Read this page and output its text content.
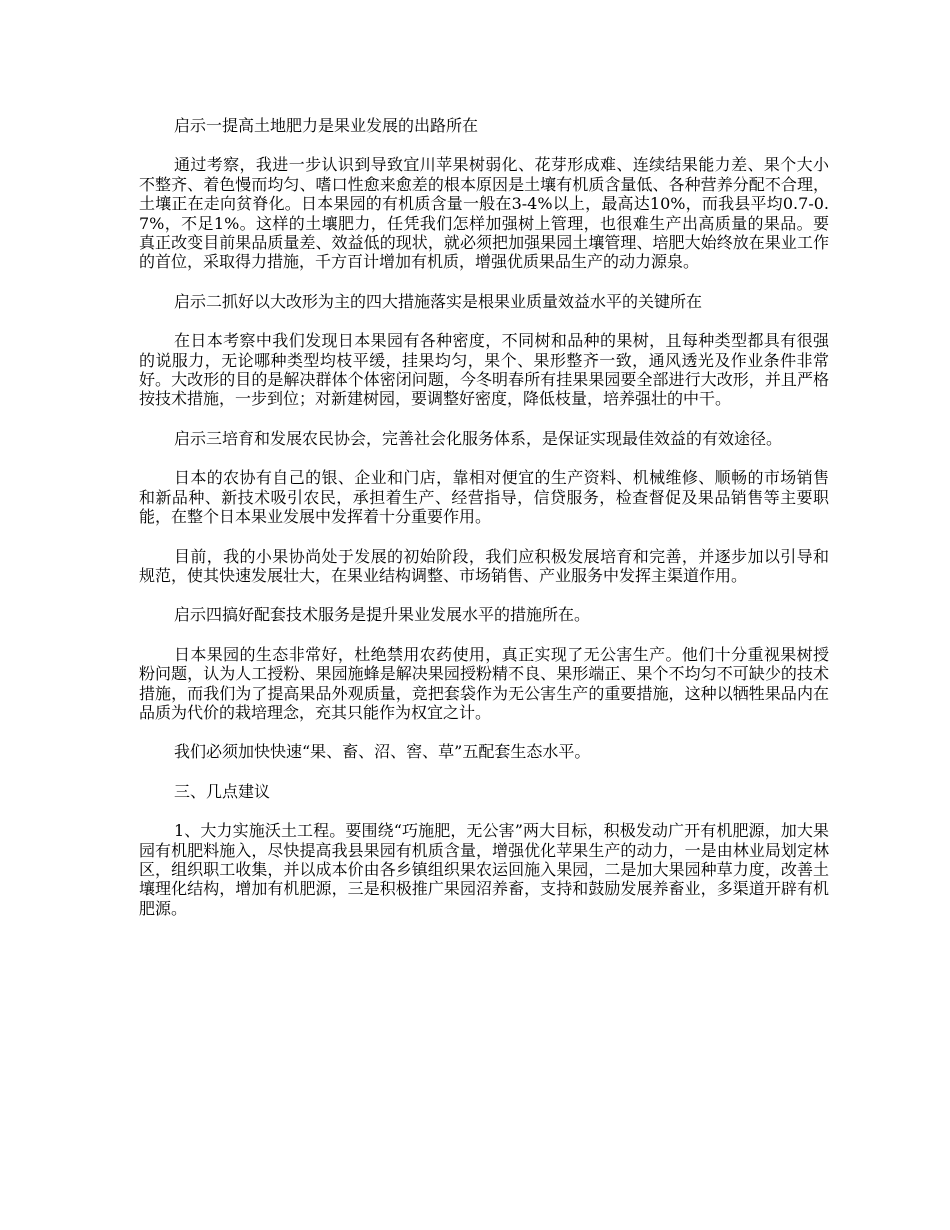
启示一提高土地肥力是果业发展的出路所在

通过考察，我进一步认识到导致宜川苹果树弱化、花芽形成难、连续结果能力差、果个大小不整齐、着色慢而均匀、嗜口性愈来愈差的根本原因是土壤有机质含量低、各种营养分配不合理，土壤正在走向贫脊化。日本果园的有机质含量一般在3-4%以上，最高达10%，而我县平均0.7-0.7%，不足1%。这样的土壤肥力，任凭我们怎样加强树上管理，也很难生产出高质量的果品。要真正改变目前果品质量差、效益低的现状，就必须把加强果园土壤管理、培肥大始终放在果业工作的首位，采取得力措施，千方百计增加有机质，增强优质果品生产的动力源泉。

启示二抓好以大改形为主的四大措施落实是根果业质量效益水平的关键所在

在日本考察中我们发现日本果园有各种密度，不同树和品种的果树，且每种类型都具有很强的说服力，无论哪种类型均枝平缓，挂果均匀，果个、果形整齐一致，通风透光及作业条件非常好。大改形的目的是解决群体个体密闭问题，今冬明春所有挂果果园要全部进行大改形，并且严格按技术措施，一步到位；对新建树园，要调整好密度，降低枝量，培养强壮的中干。

启示三培育和发展农民协会，完善社会化服务体系，是保证实现最佳效益的有效途径。

日本的农协有自己的银、企业和门店，靠相对便宜的生产资料、机械维修、顺畅的市场销售和新品种、新技术吸引农民，承担着生产、经营指导，信贷服务，检查督促及果品销售等主要职能，在整个日本果业发展中发挥着十分重要作用。

目前，我的小果协尚处于发展的初始阶段，我们应积极发展培育和完善，并逐步加以引导和规范，使其快速发展壮大，在果业结构调整、市场销售、产业服务中发挥主渠道作用。

启示四搞好配套技术服务是提升果业发展水平的措施所在。

日本果园的生态非常好，杜绝禁用农药使用，真正实现了无公害生产。他们十分重视果树授粉问题，认为人工授粉、果园施蜂是解决果园授粉精不良、果形端正、果个不均匀不可缺少的技术措施，而我们为了提高果品外观质量，竞把套袋作为无公害生产的重要措施，这种以牺牲果品内在品质为代价的栽培理念，充其只能作为权宜之计。

我们必须加快快速“果、畜、沼、窖、草”五配套生态水平。

三、几点建议

1、大力实施沃土工程。要围绕“巧施肥，无公害”两大目标，积极发动广开有机肥源，加大果园有机肥料施入，尽快提高我县果园有机质含量，增强优化苹果生产的动力，一是由林业局划定林区，组织职工收集，并以成本价由各乡镇组织果农运回施入果园，二是加大果园种草力度，改善土壤理化结构，增加有机肥源，三是积极推广果园沼养畜，支持和鼓励发展养畜业，多渠道开辟有机肥源。
